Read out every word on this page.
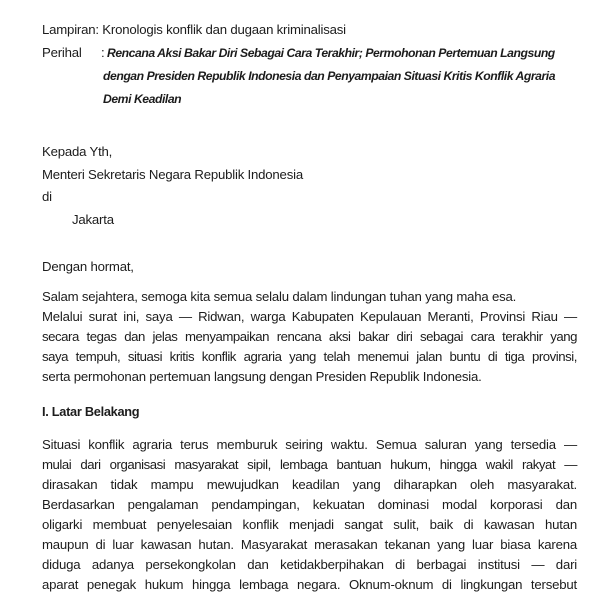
Lampiran: Kronologis konflik dan dugaan kriminalisasi
Perihal : Rencana Aksi Bakar Diri Sebagai Cara Terakhir; Permohonan Pertemuan Langsung
dengan Presiden Republik Indonesia dan Penyampaian Situasi Kritis Konflik Agraria
Demi Keadilan
Kepada Yth,
Menteri Sekretaris Negara Republik Indonesia
di
Jakarta
Dengan hormat,
Salam sejahtera, semoga kita semua selalu dalam lindungan tuhan yang maha esa.
Melalui surat ini, saya — Ridwan, warga Kabupaten Kepulauan Meranti, Provinsi Riau —
secara tegas dan jelas menyampaikan rencana aksi bakar diri sebagai cara terakhir yang
saya tempuh, situasi kritis konflik agraria yang telah menemui jalan buntu di tiga provinsi,
serta permohonan pertemuan langsung dengan Presiden Republik Indonesia.
I. Latar Belakang
Situasi konflik agraria terus memburuk seiring waktu. Semua saluran yang tersedia —
mulai dari organisasi masyarakat sipil, lembaga bantuan hukum, hingga wakil rakyat —
dirasakan tidak mampu mewujudkan keadilan yang diharapkan oleh masyarakat.
Berdasarkan pengalaman pendampingan, kekuatan dominasi modal korporasi dan
oligarki membuat penyelesaian konflik menjadi sangat sulit, baik di kawasan hutan
maupun di luar kawasan hutan. Masyarakat merasakan tekanan yang luar biasa karena
diduga adanya persekongkolan dan ketidakberpihakan di berbagai institusi — dari
aparat penegak hukum hingga lembaga negara. Oknum-oknum di lingkungan tersebut
